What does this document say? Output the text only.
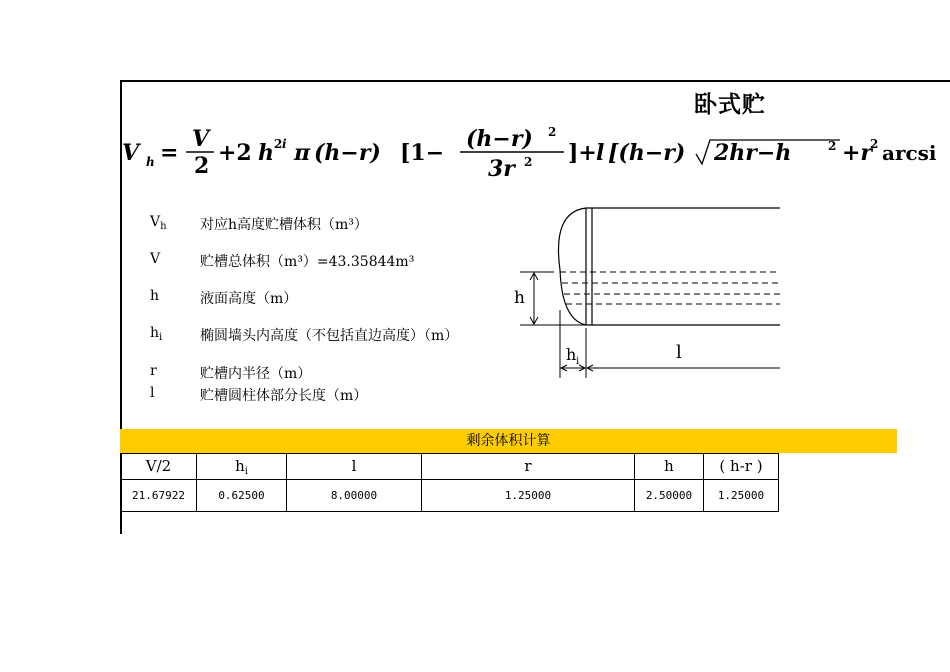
卧式贮
V h =
V
2 +2 h 2 i π (h−r) [1−
(h−r) 2
3r 2 ]+ l [(h−r) 2hr−h	2 +r
2 arcsi
$V_h$	对应h高度贮槽体积（m³）
V	贮槽总体积（m³）=43.35844m³
h	液面高度（m）
$h_i$	椭圆墙头内高度（不包括直边高度）（m）
r	贮槽内半径（m）
l	贮槽圆柱体部分长度（m）
h
h i	l
剩余体积计算
V/2	$h_i$	l	r	h	( h-r )
21.67922	0.62500	8.00000	1.25000	2.50000	1.25000
